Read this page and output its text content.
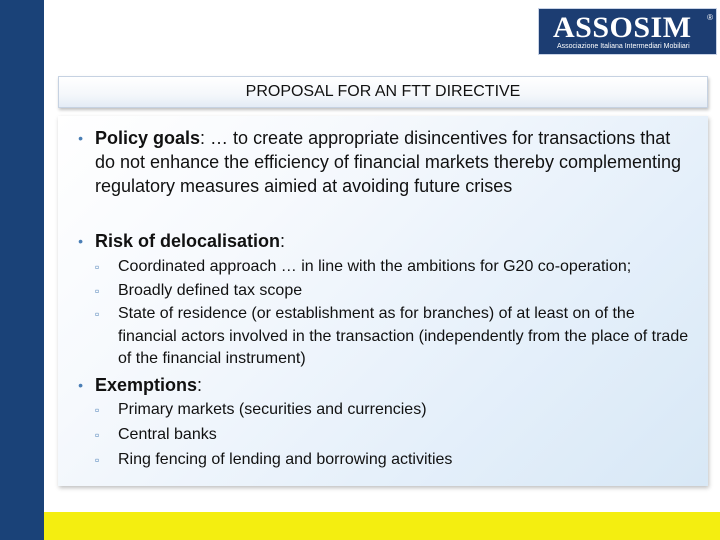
ASSOSIM ®
Associazione Italiana Intermediari Mobiliari
PROPOSAL FOR AN FTT DIRECTIVE
• Policy goals: … to create appropriate disincentives for transactions that do not enhance the efficiency of financial markets thereby complementing regulatory measures aimied at avoiding future crises
• Risk of delocalisation:
▫ Coordinated approach … in line with the ambitions for G20 co-operation;
▫ Broadly defined tax scope
▫ State of residence (or establishment as for branches) of at least on of the financial actors involved in the transaction (independently from the place of trade of the financial instrument)
• Exemptions:
▫ Primary markets (securities and currencies)
▫ Central banks
▫ Ring fencing of lending and borrowing activities
